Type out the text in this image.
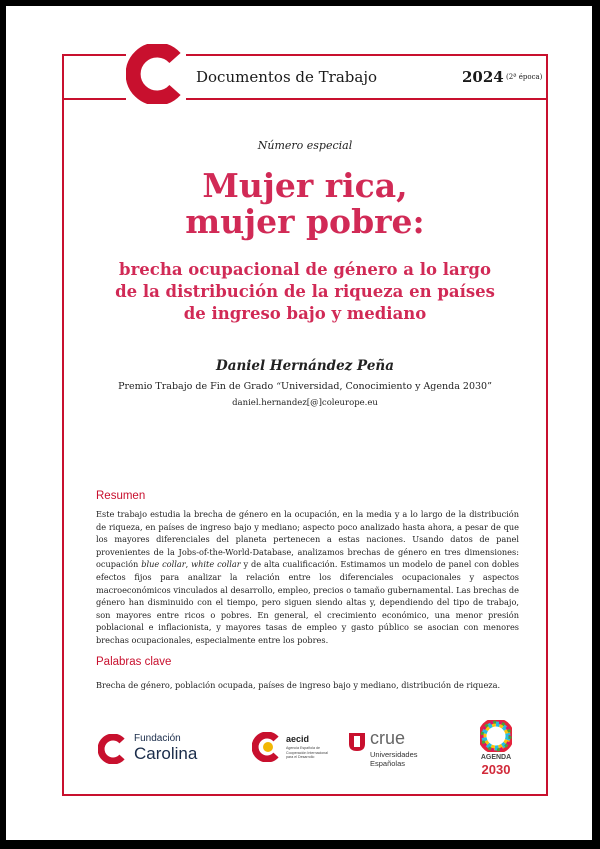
Documentos de Trabajo	2024 (2ª época)
Número especial
Mujer rica,
mujer pobre:
brecha ocupacional de género a lo largo
de la distribución de la riqueza en países
de ingreso bajo y mediano
Daniel Hernández Peña
Premio Trabajo de Fin de Grado “Universidad, Conocimiento y Agenda 2030”
daniel.hernandez[@]coleurope.eu
Resumen
Este trabajo estudia la brecha de género en la ocupación, en la media y a lo largo de la distribución de riqueza, en países de ingreso bajo y mediano; aspecto poco analizado hasta ahora, a pesar de que los mayores diferenciales del planeta pertenecen a estas naciones. Usando datos de panel provenientes de la Jobs-of-the-World-Database, analizamos brechas de género en tres dimensiones: ocupación blue collar, white collar y de alta cualificación. Estimamos un modelo de panel con dobles efectos fijos para analizar la relación entre los diferenciales ocupacionales y aspectos macroeconómicos vinculados al desarrollo, empleo, precios o tamaño gubernamental. Las brechas de género han disminuido con el tiempo, pero siguen siendo altas y, dependiendo del tipo de trabajo, son mayores entre ricos o pobres. En general, el crecimiento económico, una menor presión poblacional e inflacionista, y mayores tasas de empleo y gasto público se asocian con menores brechas ocupacionales, especialmente entre los pobres.
Palabras clave
Brecha de género, población ocupada, países de ingreso bajo y mediano, distribución de riqueza.
Fundación
Carolina
aecid
Agencia Española de Cooperación Internacional para el Desarrollo
crue
Universidades
Españolas
AGENDA
2030
